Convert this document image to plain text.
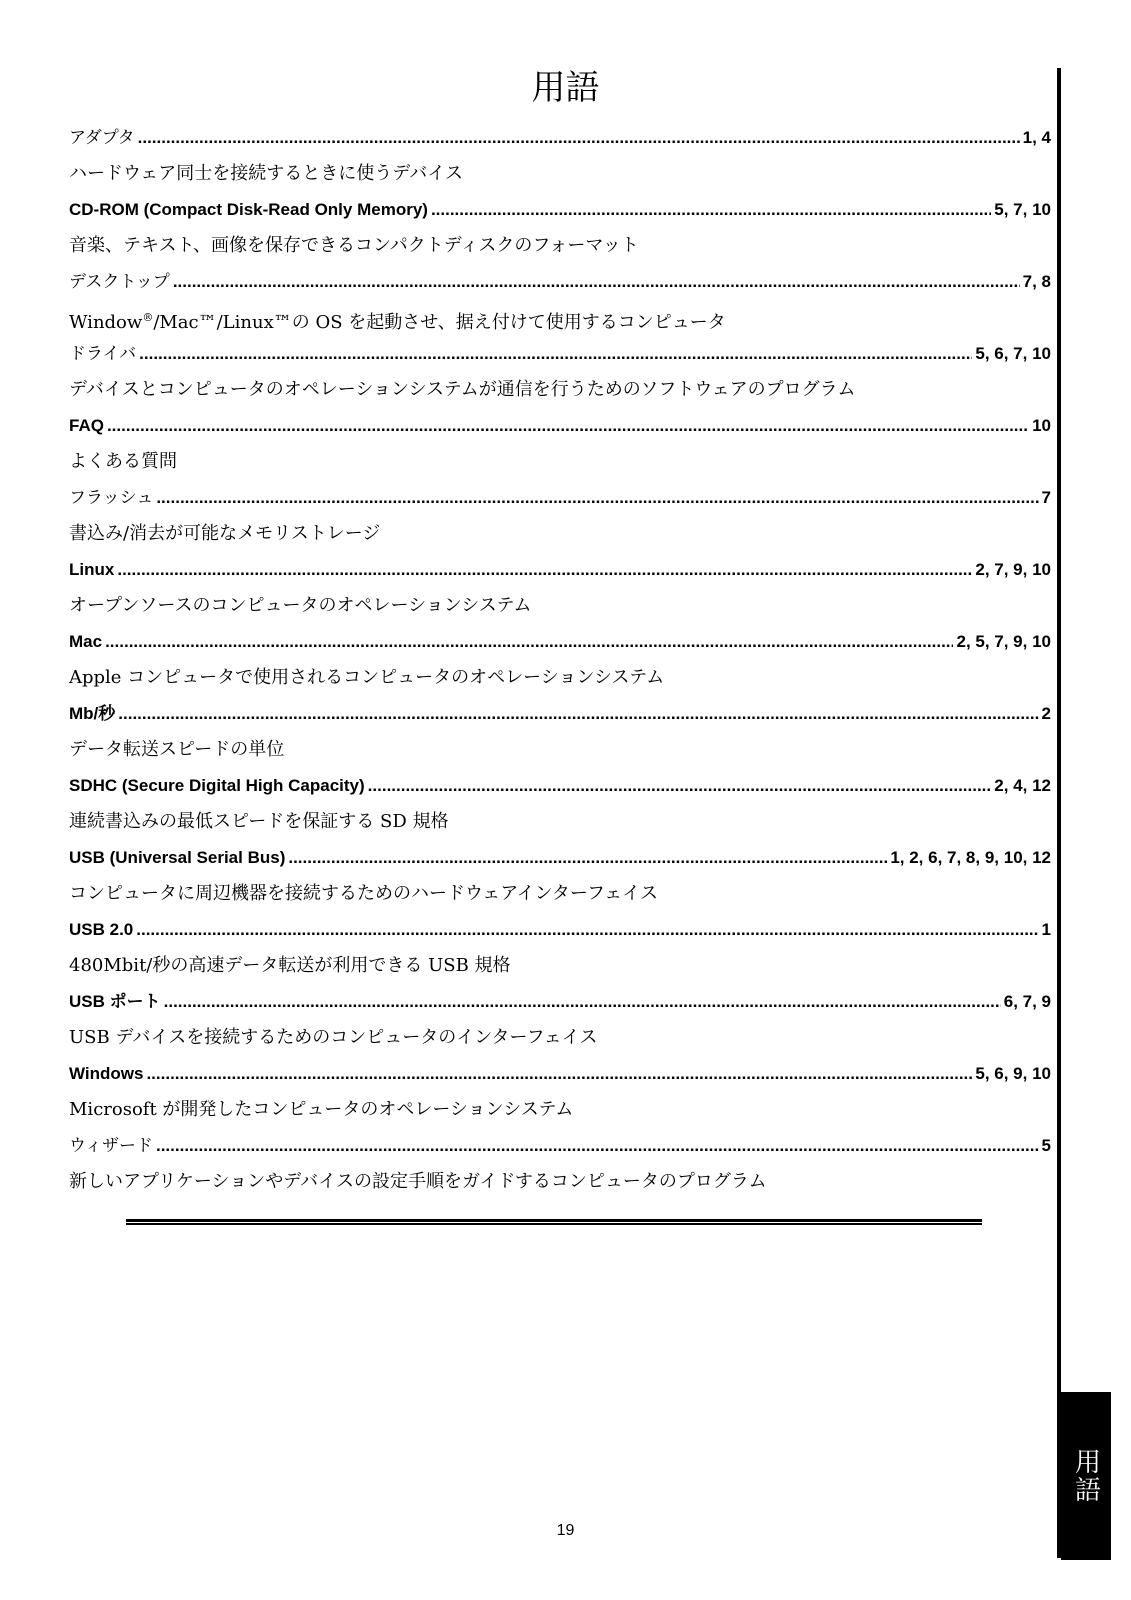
用語
用語
アダプタ .....	1, 4
ハードウェア同士を接続するときに使うデバイス
CD-ROM (Compact Disk-Read Only Memory) .....	5, 7, 10
音楽、テキスト、画像を保存できるコンパクトディスクのフォーマット
デスクトップ .....	7, 8
Window®/Mac™/Linux™の OS を起動させ、据え付けて使用するコンピュータ
ドライバ .....	5, 6, 7, 10
デバイスとコンピュータのオペレーションシステムが通信を行うためのソフトウェアのプログラム
FAQ .....	10
よくある質問
フラッシュ .....	7
書込み/消去が可能なメモリストレージ
Linux .....	2, 7, 9, 10
オープンソースのコンピュータのオペレーションシステム
Mac .....	2, 5, 7, 9, 10
Apple コンピュータで使用されるコンピュータのオペレーションシステム
Mb/秒 .....	2
データ転送スピードの単位
SDHC (Secure Digital High Capacity) .....	2, 4, 12
連続書込みの最低スピードを保証する SD 規格
USB (Universal Serial Bus) .....	1, 2, 6, 7, 8, 9, 10, 12
コンピュータに周辺機器を接続するためのハードウェアインターフェイス
USB 2.0 .....	1
480Mbit/秒の高速データ転送が利用できる USB 規格
USB ポート .....	6, 7, 9
USB デバイスを接続するためのコンピュータのインターフェイス
Windows .....	5, 6, 9, 10
Microsoft が開発したコンピュータのオペレーションシステム
ウィザード .....	5
新しいアプリケーションやデバイスの設定手順をガイドするコンピュータのプログラム
19
